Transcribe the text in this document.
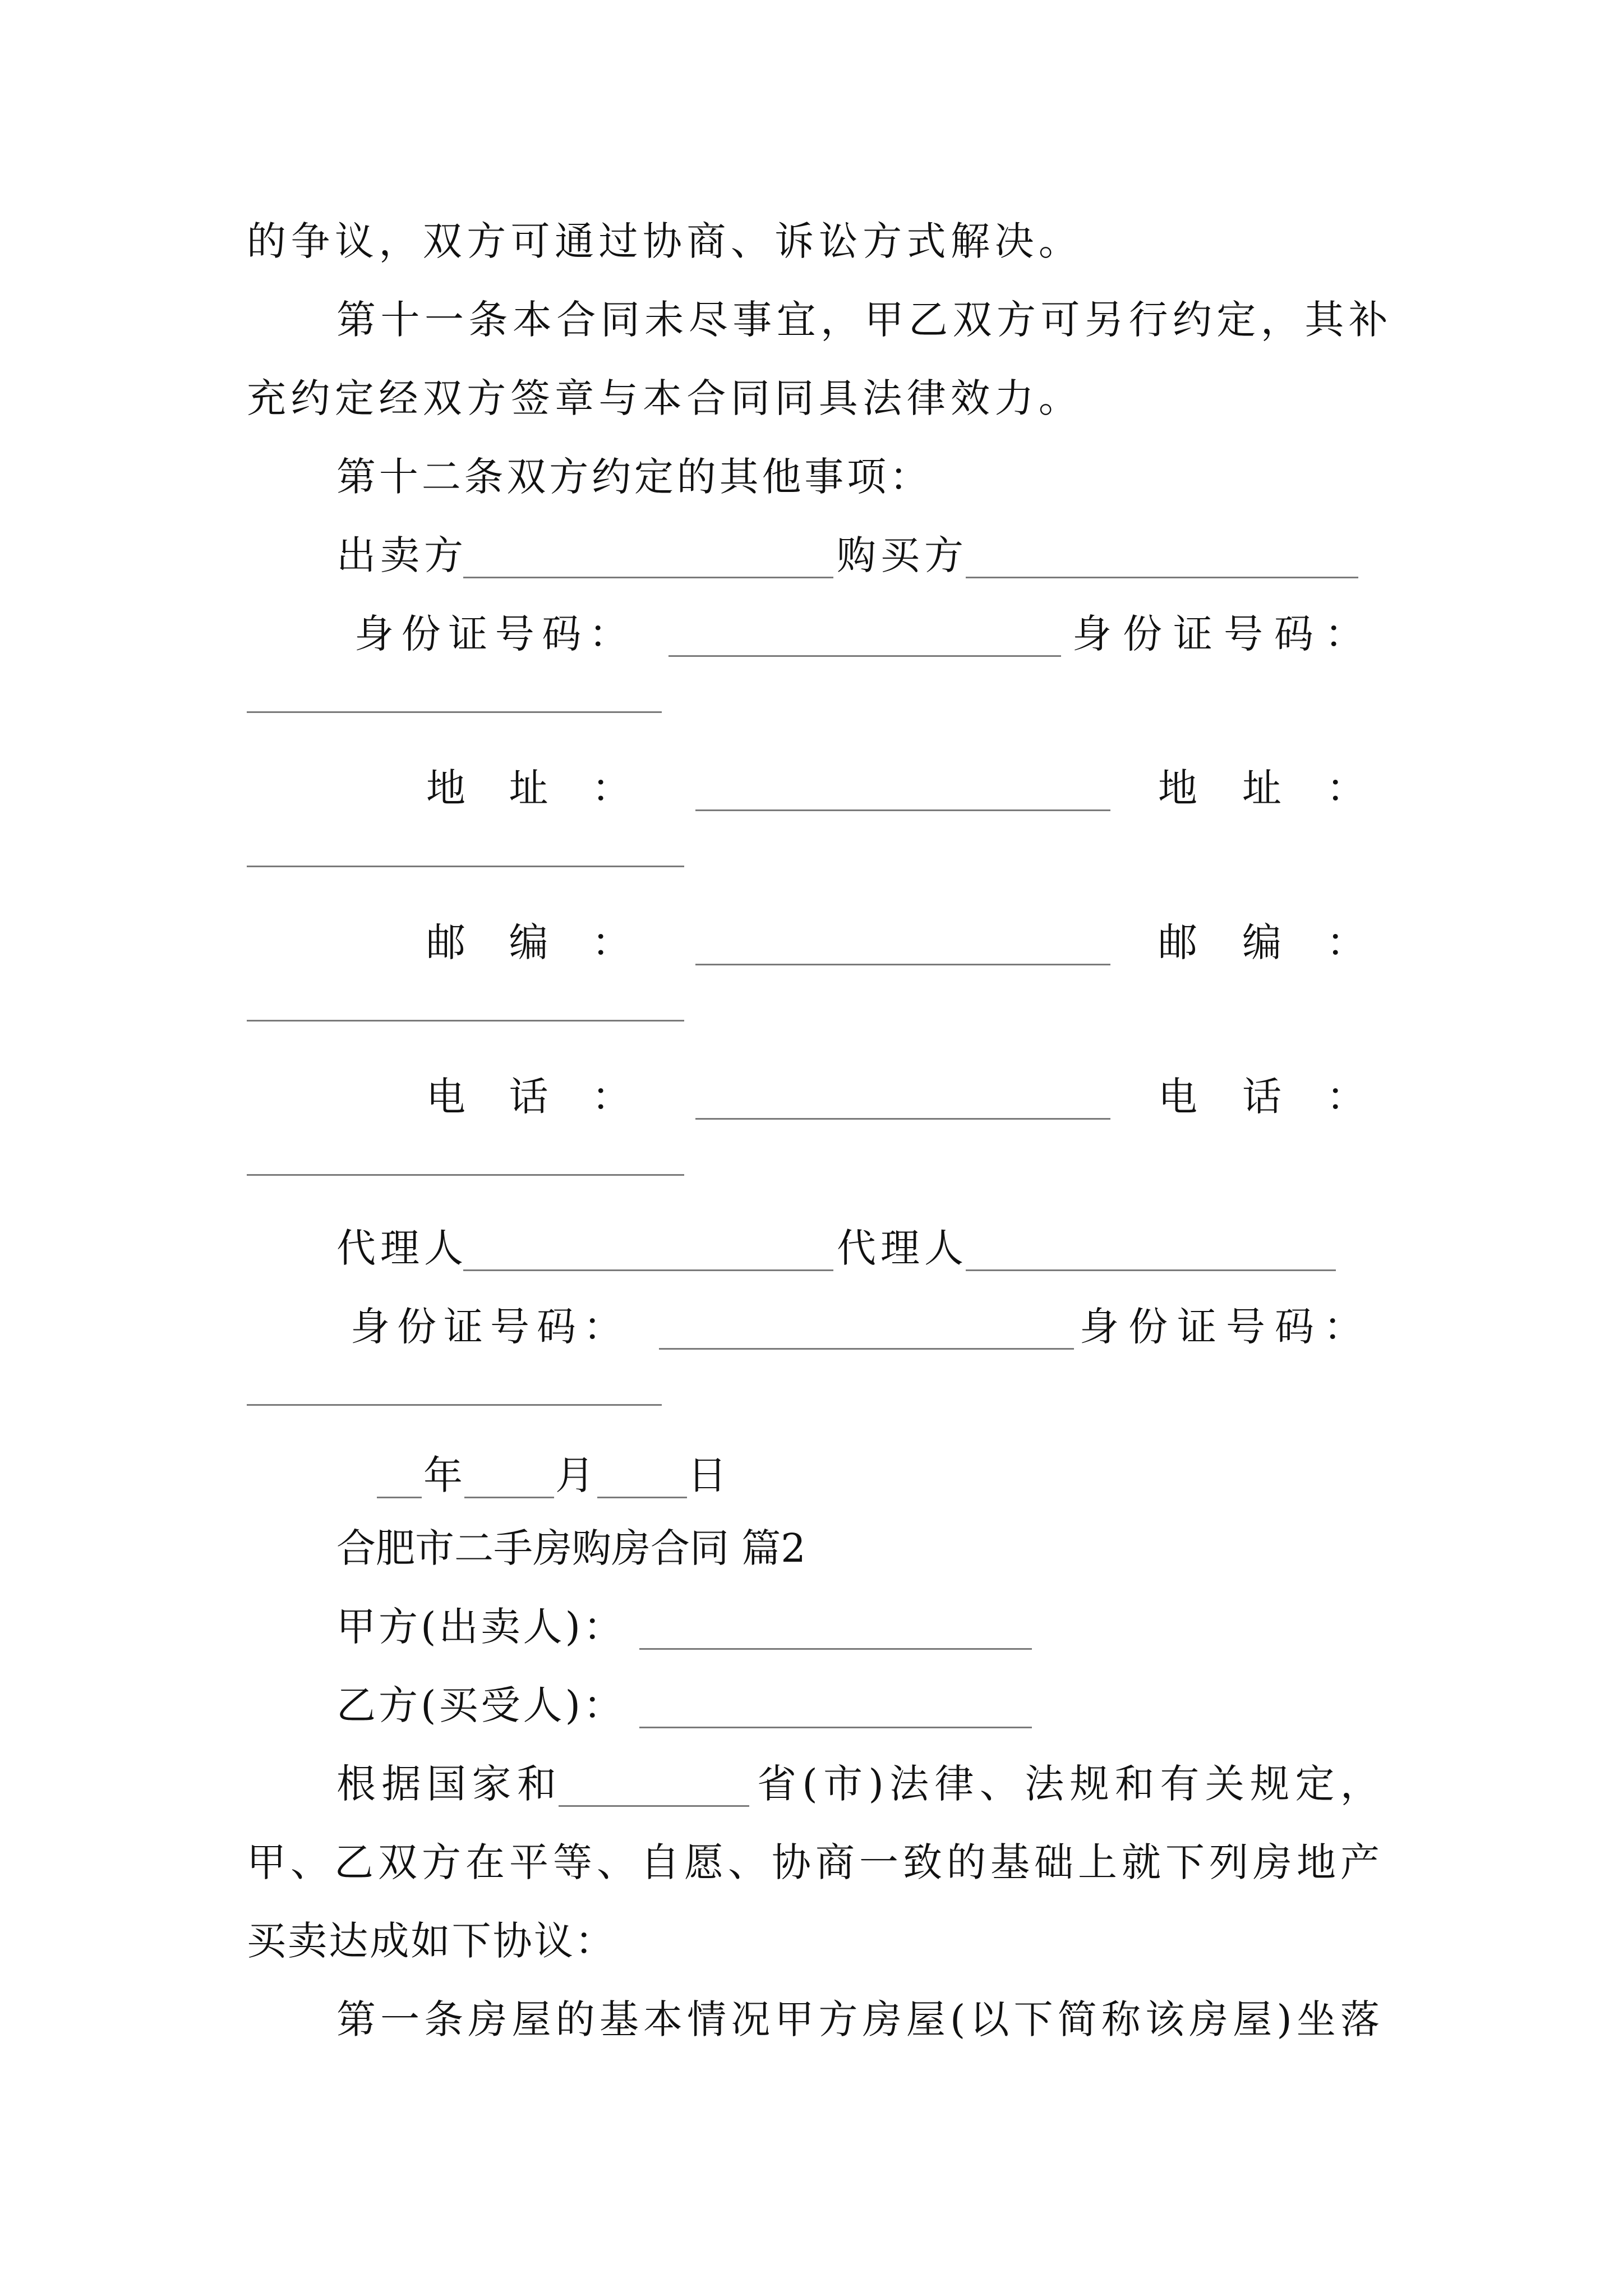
的 争 议 ， 双 方 可 通 过 协 商 、 诉 讼 方 式 解 决 。
第 十 一 条 本 合 同 未 尽 事 宜 ， 甲 乙 双 方 可 另 行 约 定 ， 其 补
充 约 定 经 双 方 签 章 与 本 合 同 同 具 法 律 效 力 。
第 十 二 条 双 方 约 定 的 其 他 事 项 ：
出 卖 方	购 买 方
身 份 证 号 码 ：	身 份 证 号 码 ：
地 址 ：	地 址 ：
邮 编 ：	邮 编 ：
电 话 ：	电 话 ：
代 理 人	代 理 人
身 份 证 号 码 ：	身 份 证 号 码 ：
年 月 日
合肥市二手房购房合同 篇2
甲 方 ( 出 卖 人 ) ：
乙 方 ( 买 受 人 ) ：
根 据 国 家 和	省 ( 市 ) 法 律 、 法 规 和 有 关 规 定 ，
甲 、 乙 双 方 在 平 等 、 自 愿 、 协 商 一 致 的 基 础 上 就 下 列 房 地 产
买 卖 达 成 如 下 协 议 ：
第 一 条 房 屋 的 基 本 情 况 甲 方 房 屋 ( 以 下 简 称 该 房 屋 ) 坐 落
